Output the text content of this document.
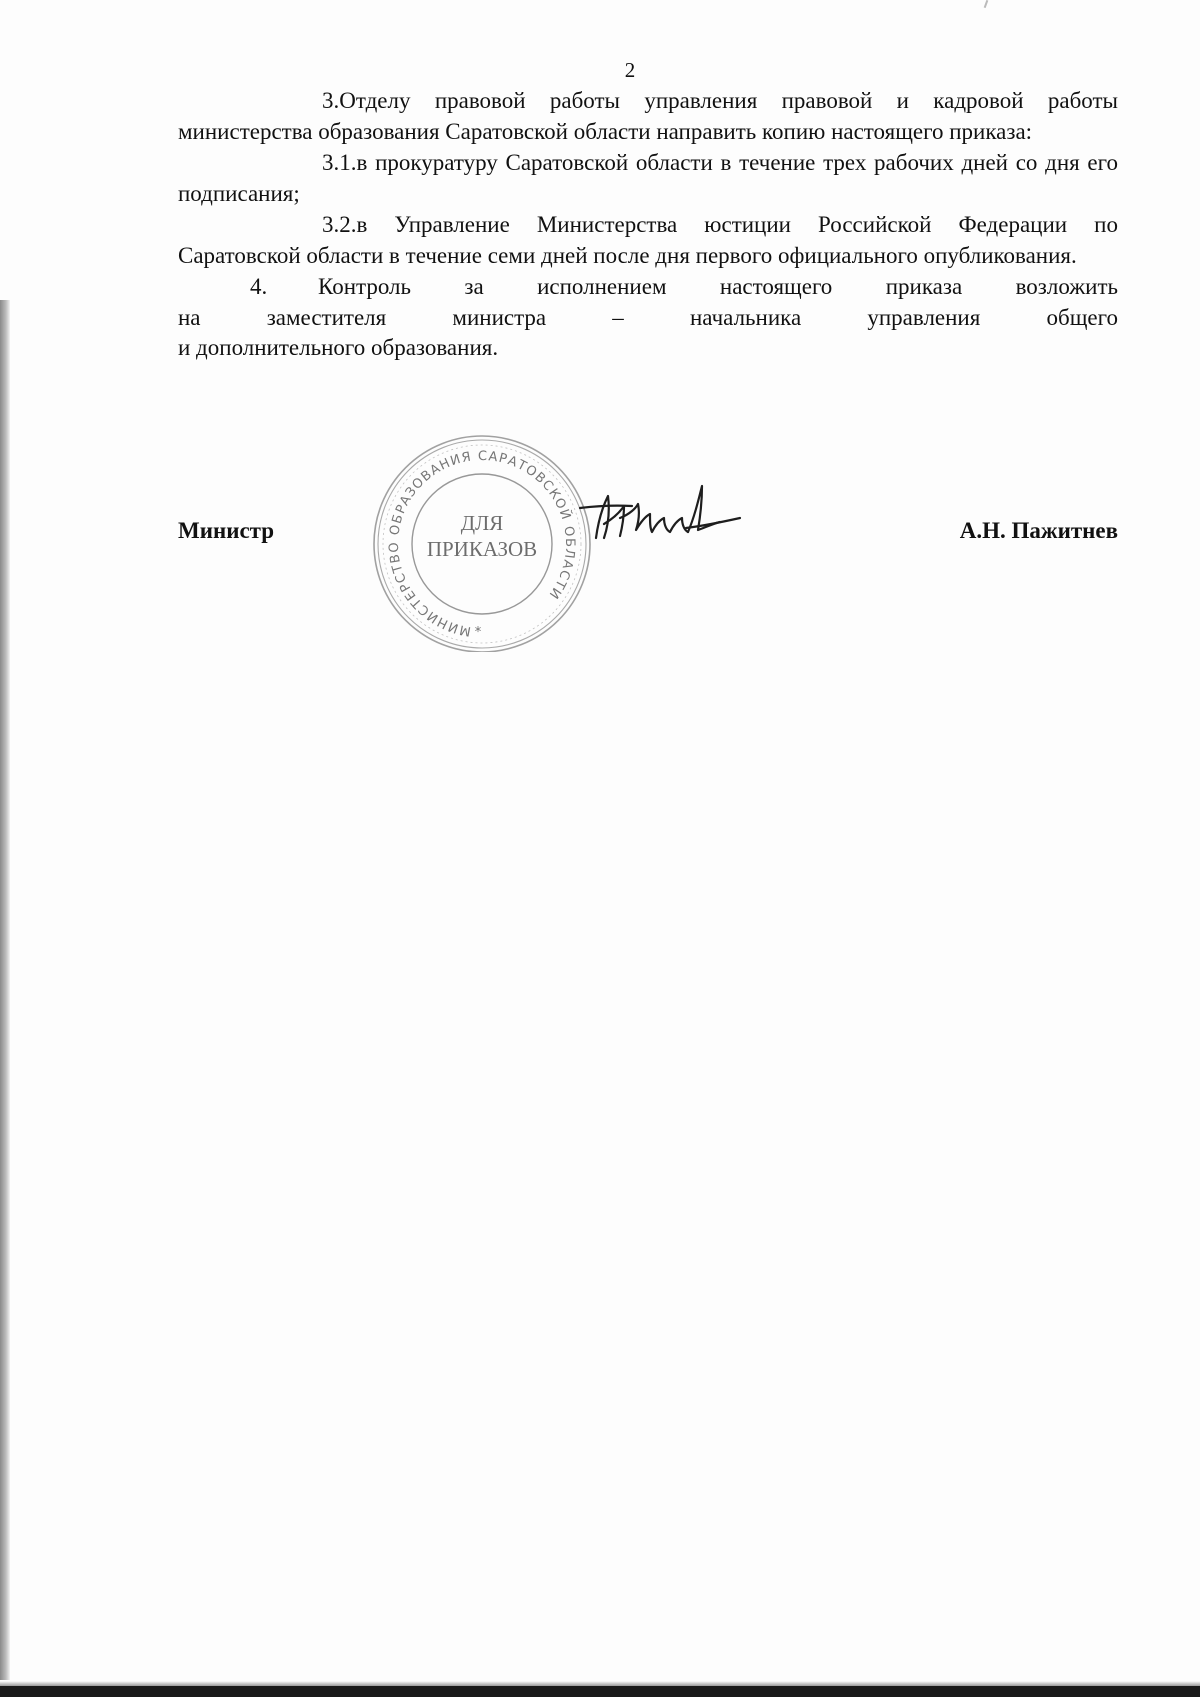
2

3.Отделу правовой работы управления правовой и кадровой работы министерства образования Саратовской области направить копию настоящего приказа:

3.1.в прокуратуру Саратовской области в течение трех рабочих дней со дня его подписания;

3.2.в Управление Министерства юстиции Российской Федерации по Саратовской области в течение семи дней после дня первого официального опубликования.

4. Контроль за исполнением настоящего приказа возложить
на заместителя министра – начальника управления общего
и дополнительного образования.
МИНИСТЕРСТВО ОБРАЗОВАНИЯ САРАТОВСКОЙ ОБЛАСТИ
ДЛЯ
ПРИКАЗОВ
*
Министр	А.Н. Пажитнев
